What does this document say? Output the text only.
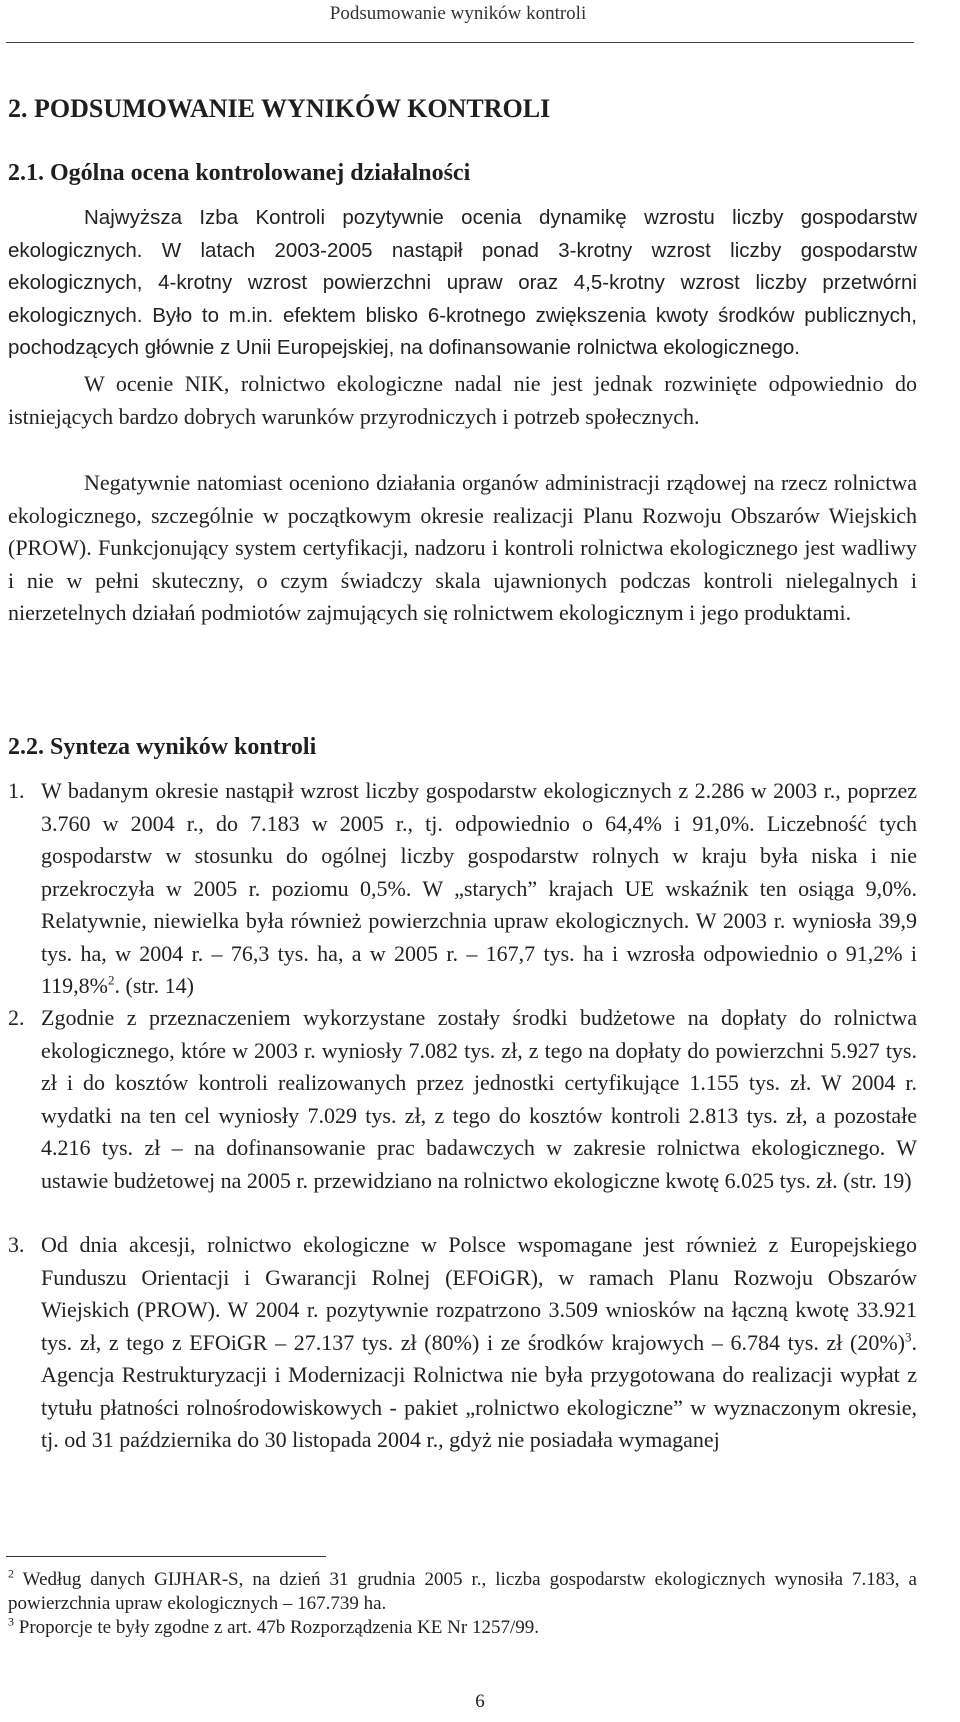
Podsumowanie wyników kontroli
2. PODSUMOWANIE WYNIKÓW KONTROLI
2.1. Ogólna ocena kontrolowanej działalności

Najwyższa Izba Kontroli pozytywnie ocenia dynamikę wzrostu liczby gospodarstw ekologicznych. W latach 2003-2005 nastąpił ponad 3-krotny wzrost liczby gospodarstw ekologicznych, 4-krotny wzrost powierzchni upraw oraz 4,5-krotny wzrost liczby przetwórni ekologicznych. Było to m.in. efektem blisko 6-krotnego zwiększenia kwoty środków publicznych, pochodzących głównie z Unii Europejskiej, na dofinansowanie rolnictwa ekologicznego.

W ocenie NIK, rolnictwo ekologiczne nadal nie jest jednak rozwinięte odpowiednio do istniejących bardzo dobrych warunków przyrodniczych i potrzeb społecznych.

Negatywnie natomiast oceniono działania organów administracji rządowej na rzecz rolnictwa ekologicznego, szczególnie w początkowym okresie realizacji Planu Rozwoju Obszarów Wiejskich (PROW). Funkcjonujący system certyfikacji, nadzoru i kontroli rolnictwa ekologicznego jest wadliwy i nie w pełni skuteczny, o czym świadczy skala ujawnionych podczas kontroli nielegalnych i nierzetelnych działań podmiotów zajmujących się rolnictwem ekologicznym i jego produktami.

2.2. Synteza wyników kontroli
1. W badanym okresie nastąpił wzrost liczby gospodarstw ekologicznych z 2.286 w 2003 r., poprzez 3.760 w 2004 r., do 7.183 w 2005 r., tj. odpowiednio o 64,4% i 91,0%. Liczebność tych gospodarstw w stosunku do ogólnej liczby gospodarstw rolnych w kraju była niska i nie przekroczyła w 2005 r. poziomu 0,5%. W „starych” krajach UE wskaźnik ten osiąga 9,0%. Relatywnie, niewielka była również powierzchnia upraw ekologicznych. W 2003 r. wyniosła 39,9 tys. ha, w 2004 r. – 76,3 tys. ha, a w 2005 r. – 167,7 tys. ha i wzrosła odpowiednio o 91,2% i 119,8%$^2$. (str. 14)
2. Zgodnie z przeznaczeniem wykorzystane zostały środki budżetowe na dopłaty do rolnictwa ekologicznego, które w 2003 r. wyniosły 7.082 tys. zł, z tego na dopłaty do powierzchni 5.927 tys. zł i do kosztów kontroli realizowanych przez jednostki certyfikujące 1.155 tys. zł. W 2004 r. wydatki na ten cel wyniosły 7.029 tys. zł, z tego do kosztów kontroli 2.813 tys. zł, a pozostałe 4.216 tys. zł – na dofinansowanie prac badawczych w zakresie rolnictwa ekologicznego. W ustawie budżetowej na 2005 r. przewidziano na rolnictwo ekologiczne kwotę 6.025 tys. zł. (str. 19)
3. Od dnia akcesji, rolnictwo ekologiczne w Polsce wspomagane jest również z Europejskiego Funduszu Orientacji i Gwarancji Rolnej (EFOiGR), w ramach Planu Rozwoju Obszarów Wiejskich (PROW). W 2004 r. pozytywnie rozpatrzono 3.509 wniosków na łączną kwotę 33.921 tys. zł, z tego z EFOiGR – 27.137 tys. zł (80%) i ze środków krajowych – 6.784 tys. zł $(20\%)^3$. Agencja Restrukturyzacji i Modernizacji Rolnictwa nie była przygotowana do realizacji wypłat z tytułu płatności rolnośrodowiskowych - pakiet „rolnictwo ekologiczne” w wyznaczonym okresie, tj. od 31 października do 30 listopada 2004 r., gdyż nie posiadała wymaganej

$^2$ Według danych GIJHAR-S, na dzień 31 grudnia 2005 r., liczba gospodarstw ekologicznych wynosiła 7.183, a powierzchnia upraw ekologicznych – 167.739 ha.

$^3$ Proporcje te były zgodne z art. 47b Rozporządzenia KE Nr 1257/99.

6
